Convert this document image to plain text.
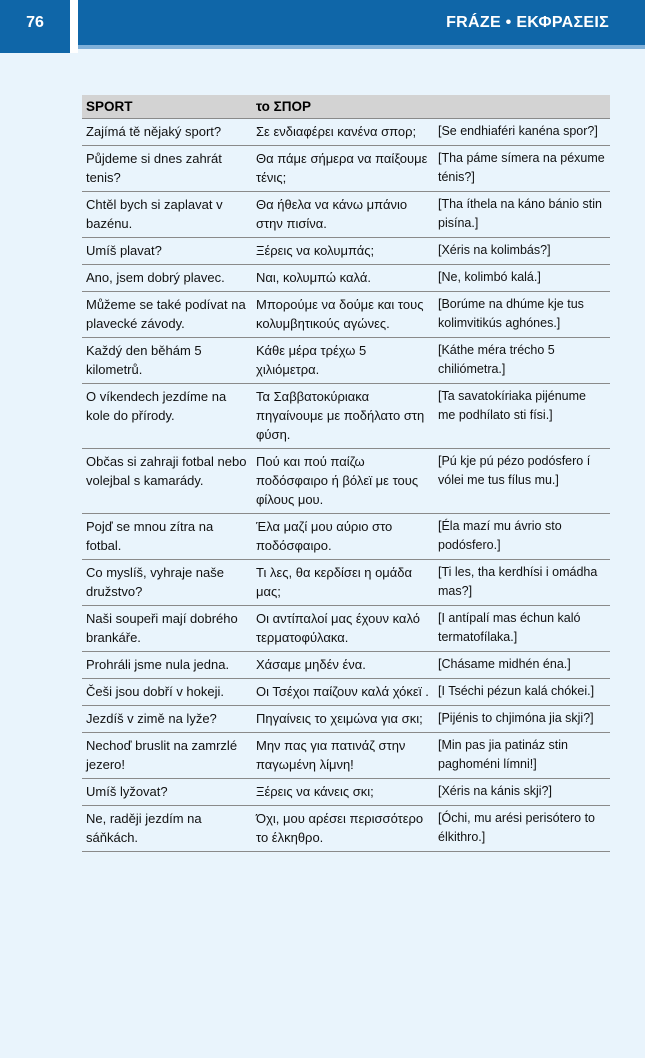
76	FRÁZE • ΕΚΦΡΑΣΕΙΣ
SPORT	το ΣΠΟΡ	
Zajímá tě nějaký sport?	Σε ενδιαφέρει κανένα σπορ;	[Se endhiaféri kanéna spor?]
Půjdeme si dnes zahrát tenis?	Θα πάμε σήμερα να παίξουμε τένις;	[Tha páme símera na péxume ténis?]
Chtěl bych si zaplavat v bazénu.	Θα ήθελα να κάνω μπάνιο στην πισίνα.	[Tha íthela na káno bánio stin pisína.]
Umíš plavat?	Ξέρεις να κολυμπάς;	[Xéris na kolimbás?]
Ano, jsem dobrý plavec.	Ναι, κολυμπώ καλά.	[Ne, kolimbó kalá.]
Můžeme se také podívat na plavecké závody.	Μπορούμε να δούμε και τους κολυμβητικούς αγώνες.	[Borúme na dhúme kje tus kolimvitikús aghónes.]
Každý den běhám 5 kilometrů.	Κάθε μέρα τρέχω 5 χιλιόμετρα.	[Káthe méra trécho 5 chiliómetra.]
O víkendech jezdíme na kole do přírody.	Τα Σαββατοκύριακα πηγαίνουμε με ποδήλατο στη φύση.	[Ta savatokíriaka pijénume me podhílato sti físi.]
Občas si zahraji fotbal nebo volejbal s kamarády.	Πού και πού παίζω ποδόσφαιρο ή βόλεϊ με τους φίλους μου.	[Pú kje pú pézo podósfero í vólei me tus fílus mu.]
Pojď se mnou zítra na fotbal.	Έλα μαζί μου αύριο στο ποδόσφαιρο.	[Éla mazí mu ávrio sto podósfero.]
Co myslíš, vyhraje naše družstvo?	Τι λες, θα κερδίσει η ομάδα μας;	[Ti les, tha kerdhísi i omádha mas?]
Naši soupeři mají dobrého brankáře.	Οι αντίπαλοί μας έχουν καλό τερματοφύλακα.	[I antípalí mas échun kaló termatofílaka.]
Prohráli jsme nula jedna.	Χάσαμε μηδέν ένα.	[Chásame midhén éna.]
Češi jsou dobří v hokeji.	Οι Τσέχοι παίζουν καλά χόκεϊ .	[I Tséchi pézun kalá chókei.]
Jezdíš v zimě na lyže?	Πηγαίνεις το χειμώνα για σκι;	[Pijénis to chjimóna jia skji?]
Nechoď bruslit na zamrzlé jezero!	Μην πας για πατινάζ στην παγωμένη λίμνη!	[Min pas jia patináz stin paghoméni límni!]
Umíš lyžovat?	Ξέρεις να κάνεις σκι;	[Xéris na kánis skji?]
Ne, raději jezdím na sáňkách.	Όχι, μου αρέσει περισσότερο το έλκηθρο.	[Óchi, mu arési perisótero to élkithro.]
